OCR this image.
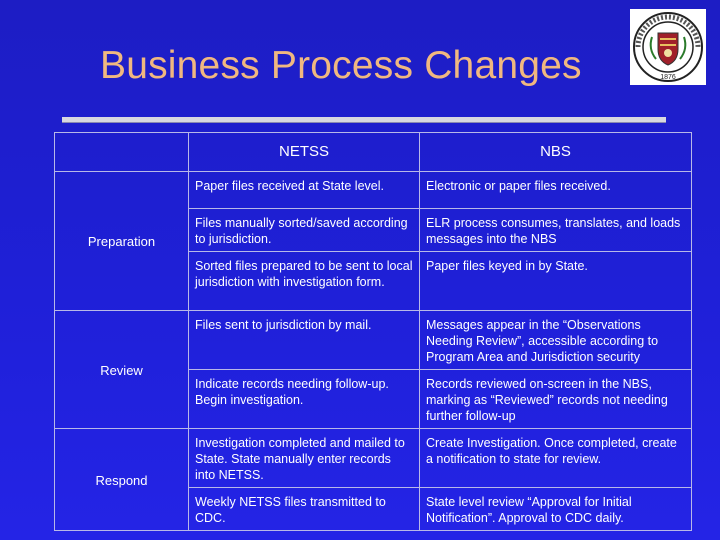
Business Process Changes	1876
	NETSS	NBS
Preparation	Paper files received at State level.	Electronic or paper files received.
	Files manually sorted/saved according to jurisdiction.	ELR process consumes, translates, and loads messages into the NBS
	Sorted files prepared to be sent to local jurisdiction with investigation form.	Paper files keyed in by State.
Review	Files sent to jurisdiction by mail.	Messages appear in the “Observations Needing Review”, accessible according to Program Area and Jurisdiction security
	Indicate records needing follow-up. Begin investigation.	Records reviewed on-screen in the NBS, marking as “Reviewed” records not needing further follow-up
Respond	Investigation completed and mailed to State. State manually enter records into NETSS.	Create Investigation. Once completed, create a notification to state for review.
	Weekly NETSS files transmitted to CDC.	State level review “Approval for Initial Notification”. Approval to CDC daily.
